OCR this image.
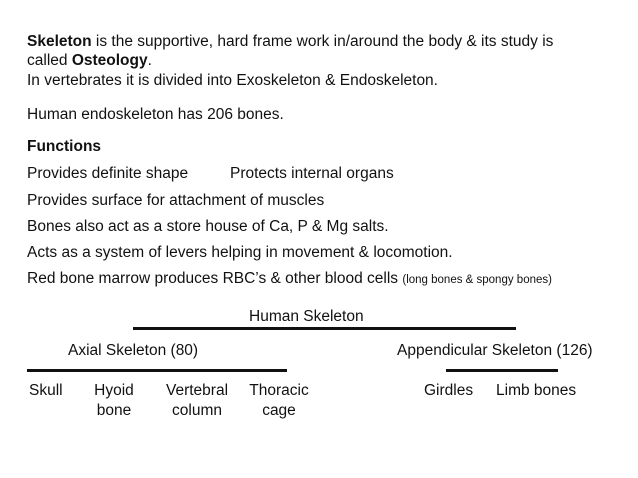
Skeleton is the supportive, hard frame work in/around the body & its study is
called Osteology.
In vertebrates it is divided into Exoskeleton & Endoskeleton.
Human endoskeleton has 206 bones.
Functions
Provides definite shape	Protects internal organs
Provides surface for attachment of muscles
Bones also act as a store house of Ca, P & Mg salts.
Acts as a system of levers helping in movement & locomotion.
Red bone marrow produces RBC’s & other blood cells (long bones & spongy bones)
Human Skeleton
Axial Skeleton (80)	Appendicular Skeleton (126)
Skull	Hyoid
bone
Vertebral
column
Thoracic
cage
Girdles Limb bones
